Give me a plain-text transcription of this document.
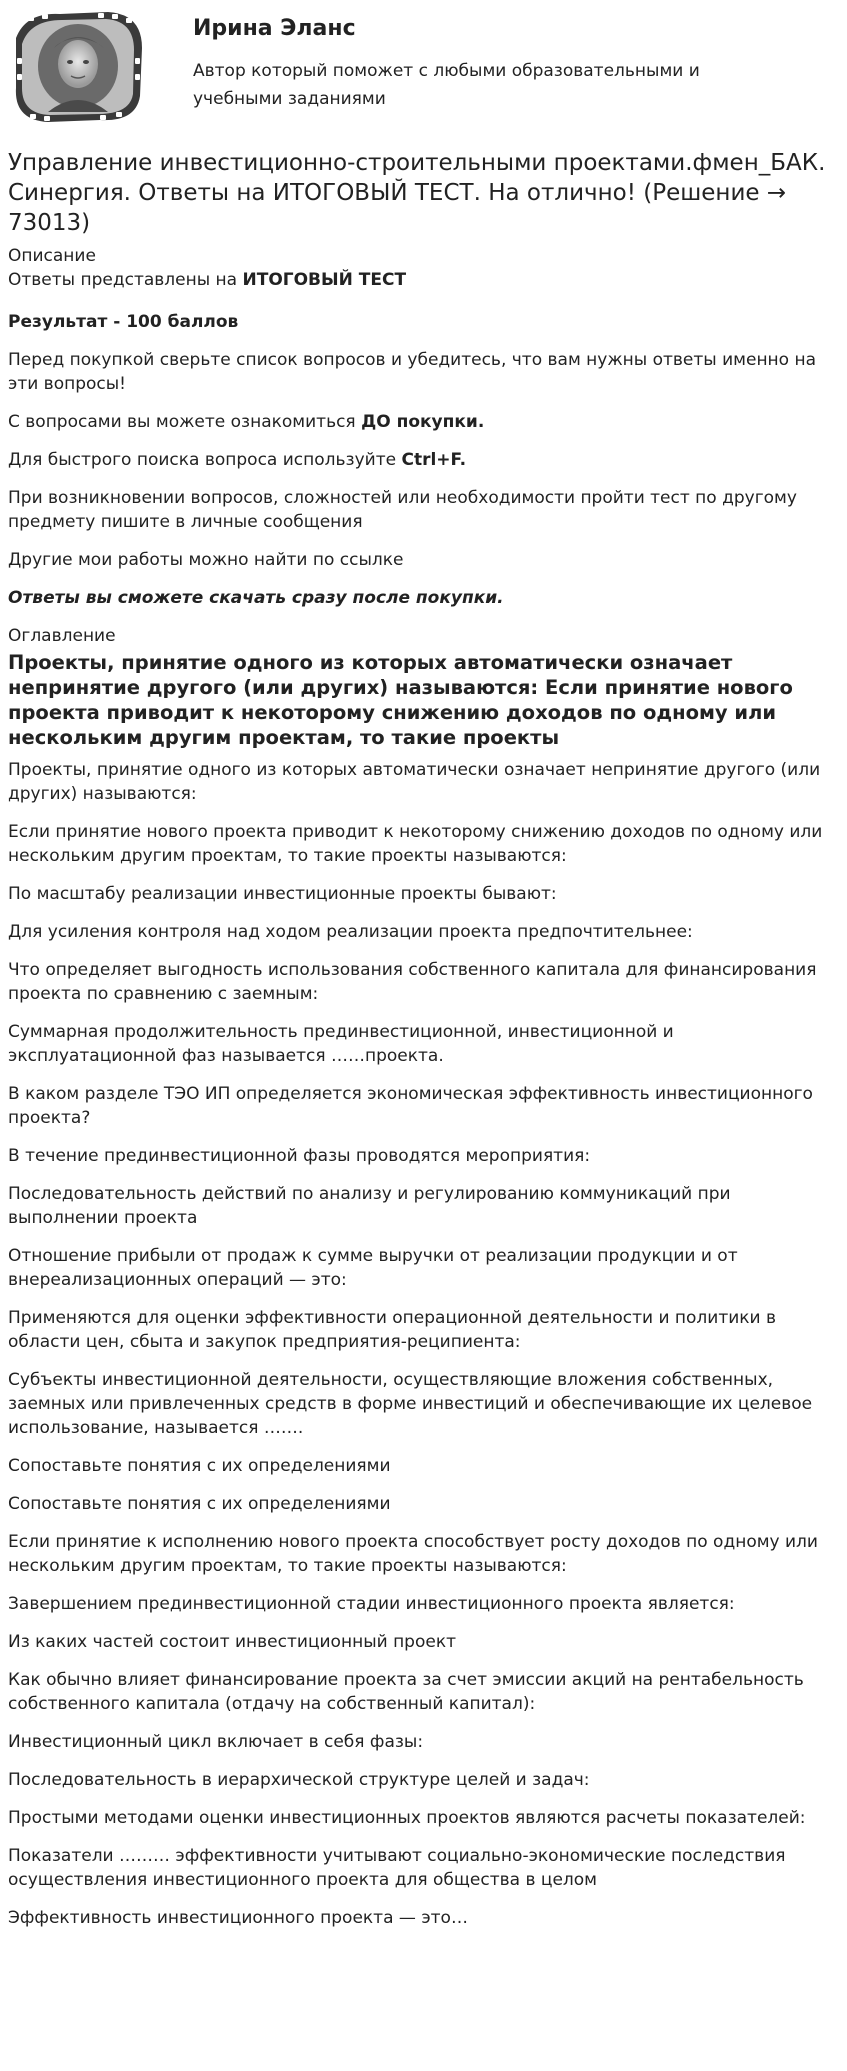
Ирина Эланс
Автор который поможет с любыми образовательными и учебными заданиями
Управление инвестиционно-строительными проектами.фмен_БАК. Синергия. Ответы на ИТОГОВЫЙ ТЕСТ. На отлично! (Решение → 73013)
Описание

Ответы представлены на ИТОГОВЫЙ ТЕСТ

Результат - 100 баллов

Перед покупкой сверьте список вопросов и убедитесь, что вам нужны ответы именно на эти вопросы!

С вопросами вы можете ознакомиться ДО покупки.

Для быстрого поиска вопроса используйте Ctrl+F.

При возникновении вопросов, сложностей или необходимости пройти тест по другому предмету пишите в личные сообщения

Другие мои работы можно найти по ссылке

Ответы вы сможете скачать сразу после покупки.

Оглавление
Проекты, принятие одного из которых автоматически означает непринятие другого (или других) называются: Если принятие нового проекта приводит к некоторому снижению доходов по одному или нескольким другим проектам, то такие проекты
Проекты, принятие одного из которых автоматически означает непринятие другого (или других) называются:
Если принятие нового проекта приводит к некоторому снижению доходов по одному или нескольким другим проектам, то такие проекты называются:
По масштабу реализации инвестиционные проекты бывают:
Для усиления контроля над ходом реализации проекта предпочтительнее:
Что определяет выгодность использования собственного капитала для финансирования проекта по сравнению с заемным:
Суммарная продолжительность прединвестиционной, инвестиционной и эксплуатационной фаз называется ……проекта.
В каком разделе ТЭО ИП определяется экономическая эффективность инвестиционного проекта?
В течение прединвестиционной фазы проводятся мероприятия:
Последовательность действий по анализу и регулированию коммуникаций при выполнении проекта
Отношение прибыли от продаж к сумме выручки от реализации продукции и от внереализационных операций — это:
Применяются для оценки эффективности операционной деятельности и политики в области цен, сбыта и закупок предприятия-реципиента:
Субъекты инвестиционной деятельности, осуществляющие вложения собственных, заемных или привлеченных средств в форме инвестиций и обеспечивающие их целевое использование, называется …….
Сопоставьте понятия с их определениями
Сопоставьте понятия с их определениями
Если принятие к исполнению нового проекта способствует росту доходов по одному или нескольким другим проектам, то такие проекты называются:
Завершением прединвестиционной стадии инвестиционного проекта является:
Из каких частей состоит инвестиционный проект
Как обычно влияет финансирование проекта за счет эмиссии акций на рентабельность собственного капитала (отдачу на собственный капитал):
Инвестиционный цикл включает в себя фазы:
Последовательность в иерархической структуре целей и задач:
Простыми методами оценки инвестиционных проектов являются расчеты показателей:
Показатели ……… эффективности учитывают социально-экономические последствия осуществления инвестиционного проекта для общества в целом
Эффективность инвестиционного проекта — это…
